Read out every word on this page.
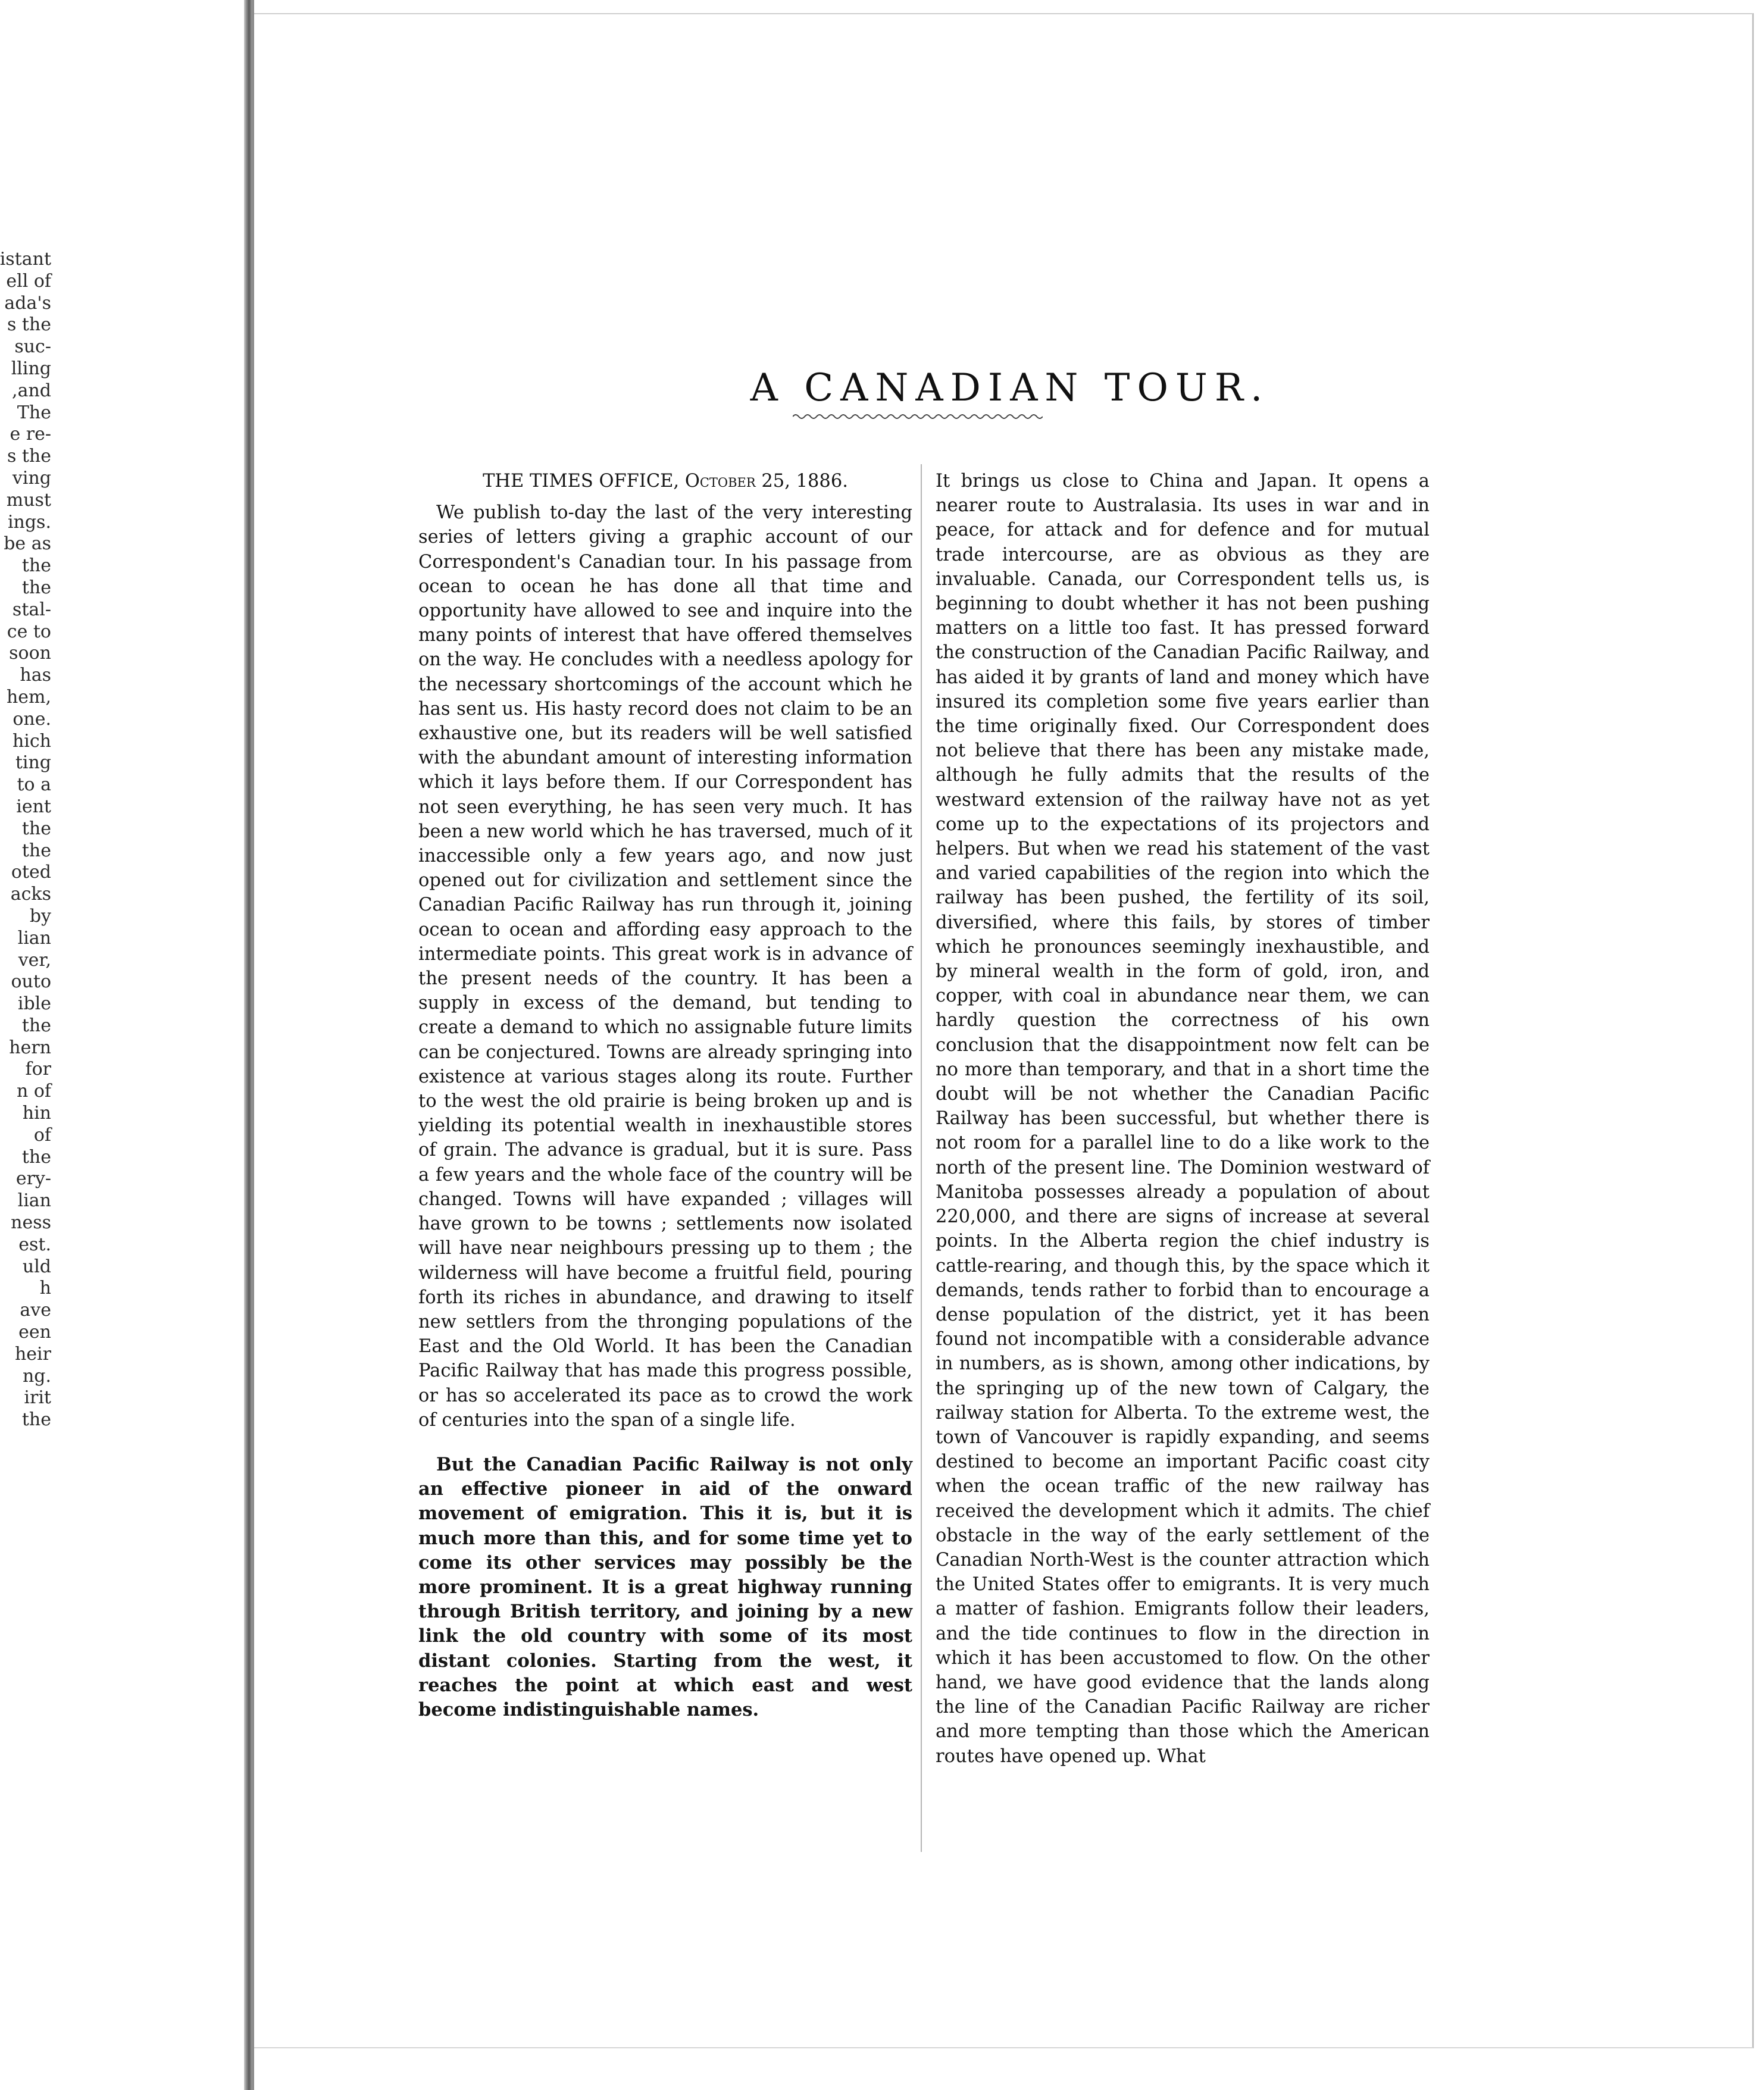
istant
ell of
ada's
s the
suc-
lling
,and
The
e re-
s the
ving
must
ings.
be as
the
the
stal-
ce to
soon
has
hem,
one.
hich
ting
to a
ient
the
the
oted
acks
by
lian
ver,
outo
ible
the
hern
for
n of
hin
of
the
ery-
lian
ness
est.
uld
h
ave
een
heir
ng.
irit
the
A CANADIAN TOUR.
THE TIMES OFFICE, October 25, 1886.

We publish to-day the last of the very interesting series of letters giving a graphic account of our Correspondent's Canadian tour. In his passage from ocean to ocean he has done all that time and opportunity have allowed to see and inquire into the many points of interest that have offered themselves on the way. He concludes with a needless apology for the necessary shortcomings of the account which he has sent us. His hasty record does not claim to be an exhaustive one, but its readers will be well satisfied with the abundant amount of interesting information which it lays before them. If our Correspondent has not seen everything, he has seen very much. It has been a new world which he has traversed, much of it inaccessible only a few years ago, and now just opened out for civilization and settlement since the Canadian Pacific Railway has run through it, joining ocean to ocean and affording easy approach to the intermediate points. This great work is in advance of the present needs of the country. It has been a supply in excess of the demand, but tending to create a demand to which no assignable future limits can be conjectured. Towns are already springing into existence at various stages along its route. Further to the west the old prairie is being broken up and is yielding its potential wealth in inexhaustible stores of grain. The advance is gradual, but it is sure. Pass a few years and the whole face of the country will be changed. Towns will have expanded ; villages will have grown to be towns ; settlements now isolated will have near neighbours pressing up to them ; the wilderness will have become a fruitful field, pouring forth its riches in abundance, and drawing to itself new settlers from the thronging populations of the East and the Old World. It has been the Canadian Pacific Railway that has made this progress possible, or has so accelerated its pace as to crowd the work of centuries into the span of a single life.

But the Canadian Pacific Railway is not only an effective pioneer in aid of the onward movement of emigration. This it is, but it is much more than this, and for some time yet to come its other services may possibly be the more prominent. It is a great highway running through British territory, and joining by a new link the old country with some of its most distant colonies. Starting from the west, it reaches the point at which east and west become indistinguishable names.

It brings us close to China and Japan. It opens a nearer route to Australasia. Its uses in war and in peace, for attack and for defence and for mutual trade intercourse, are as obvious as they are invaluable. Canada, our Correspondent tells us, is beginning to doubt whether it has not been pushing matters on a little too fast. It has pressed forward the construction of the Canadian Pacific Railway, and has aided it by grants of land and money which have insured its completion some five years earlier than the time originally fixed. Our Correspondent does not believe that there has been any mistake made, although he fully admits that the results of the westward extension of the railway have not as yet come up to the expectations of its projectors and helpers. But when we read his statement of the vast and varied capabilities of the region into which the railway has been pushed, the fertility of its soil, diversified, where this fails, by stores of timber which he pronounces seemingly inexhaustible, and by mineral wealth in the form of gold, iron, and copper, with coal in abundance near them, we can hardly question the correctness of his own conclusion that the disappointment now felt can be no more than temporary, and that in a short time the doubt will be not whether the Canadian Pacific Railway has been successful, but whether there is not room for a parallel line to do a like work to the north of the present line. The Dominion westward of Manitoba possesses already a population of about 220,000, and there are signs of increase at several points. In the Alberta region the chief industry is cattle-rearing, and though this, by the space which it demands, tends rather to forbid than to encourage a dense population of the district, yet it has been found not incompatible with a considerable advance in numbers, as is shown, among other indications, by the springing up of the new town of Calgary, the railway station for Alberta. To the extreme west, the town of Vancouver is rapidly expanding, and seems destined to become an important Pacific coast city when the ocean traffic of the new railway has received the development which it admits. The chief obstacle in the way of the early settlement of the Canadian North-West is the counter attraction which the United States offer to emigrants. It is very much a matter of fashion. Emigrants follow their leaders, and the tide continues to flow in the direction in which it has been accustomed to flow. On the other hand, we have good evidence that the lands along the line of the Canadian Pacific Railway are richer and more tempting than those which the American routes have opened up. What
